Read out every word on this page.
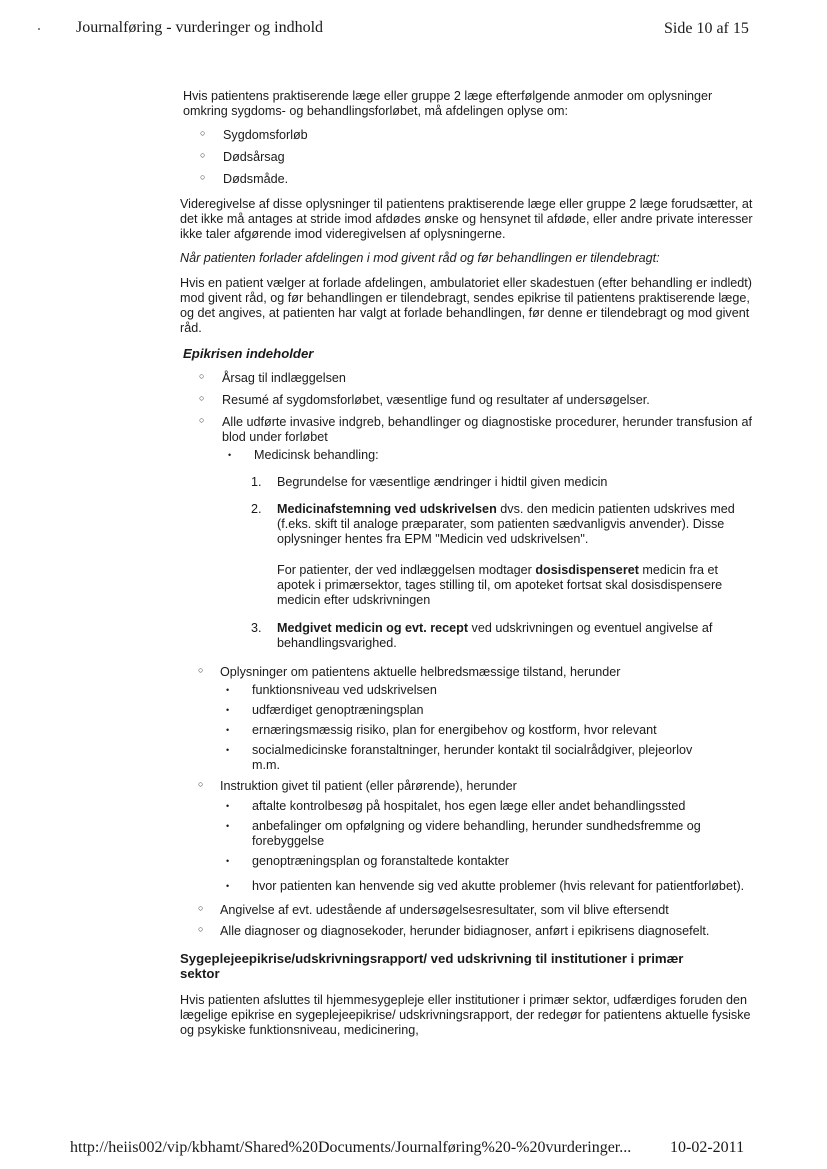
Journalføring - vurderinger og indhold	Side 10 af 15

Hvis patientens praktiserende læge eller gruppe 2 læge efterfølgende anmoder om oplysninger omkring sygdoms- og behandlingsforløbet, må afdelingen oplyse om:

○ Sygdomsforløb
○ Dødsårsag
○ Dødsmåde.

Videregivelse af disse oplysninger til patientens praktiserende læge eller gruppe 2 læge forudsætter, at det ikke må antages at stride imod afdødes ønske og hensynet til afdøde, eller andre private interesser ikke taler afgørende imod videregivelsen af oplysningerne.

Når patienten forlader afdelingen i mod givent råd og før behandlingen er tilendebragt:

Hvis en patient vælger at forlade afdelingen, ambulatoriet eller skadestuen (efter behandling er indledt) mod givent råd, og før behandlingen er tilendebragt, sendes epikrise til patientens praktiserende læge, og det angives, at patienten har valgt at forlade behandlingen, før denne er tilendebragt og mod givent råd.

Epikrisen indeholder

○ Årsag til indlæggelsen
○ Resumé af sygdomsforløbet, væsentlige fund og resultater af undersøgelser.
○ Alle udførte invasive indgreb, behandlinger og diagnostiske procedurer, herunder transfusion af blod under forløbet
• Medicinsk behandling:
1. Begrundelse for væsentlige ændringer i hidtil given medicin
2. Medicinafstemning ved udskrivelsen dvs. den medicin patienten udskrives med (f.eks. skift til analoge præparater, som patienten sædvanligvis anvender). Disse oplysninger hentes fra EPM "Medicin ved udskrivelsen".
For patienter, der ved indlæggelsen modtager dosisdispenseret medicin fra et apotek i primærsektor, tages stilling til, om apoteket fortsat skal dosisdispensere medicin efter udskrivningen
3. Medgivet medicin og evt. recept ved udskrivningen og eventuel angivelse af behandlingsvarighed.
○ Oplysninger om patientens aktuelle helbredsmæssige tilstand, herunder
• funktionsniveau ved udskrivelsen
• udfærdiget genoptræningsplan
• ernæringsmæssig risiko, plan for energibehov og kostform, hvor relevant
• socialmedicinske foranstaltninger, herunder kontakt til socialrådgiver, plejeorlov m.m.
○ Instruktion givet til patient (eller pårørende), herunder
• aftalte kontrolbesøg på hospitalet, hos egen læge eller andet behandlingssted
• anbefalinger om opfølgning og videre behandling, herunder sundhedsfremme og forebyggelse
• genoptræningsplan og foranstaltede kontakter
• hvor patienten kan henvende sig ved akutte problemer (hvis relevant for patientforløbet).
○ Angivelse af evt. udestående af undersøgelsesresultater, som vil blive eftersendt
○ Alle diagnoser og diagnosekoder, herunder bidiagnoser, anført i epikrisens diagnosefelt.

Sygeplejeepikrise/udskrivningsrapport/ ved udskrivning til institutioner i primær sektor

Hvis patienten afsluttes til hjemmesygepleje eller institutioner i primær sektor, udfærdiges foruden den lægelige epikrise en sygeplejeepikrise/ udskrivningsrapport, der redegør for patientens aktuelle fysiske og psykiske funktionsniveau, medicinering,

http://heiis002/vip/kbhamt/Shared%20Documents/Journalføring%20-%20vurderinger... 10-02-2011
